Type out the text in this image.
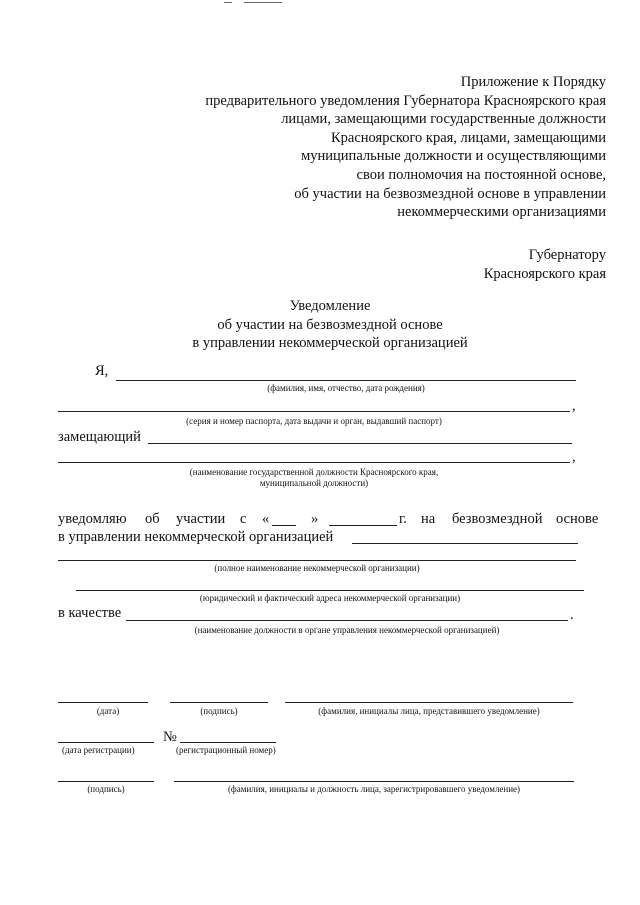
Приложение к Порядку
предварительного уведомления Губернатора Красноярского края
лицами, замещающими государственные должности
Красноярского края, лицами, замещающими
муниципальные должности и осуществляющими
свои полномочия на постоянной основе,
об участии на безвозмездной основе в управлении
некоммерческими организациями
Губернатору
Красноярского края
Уведомление
об участии на безвозмездной основе
в управлении некоммерческой организацией
Я,
(фамилия, имя, отчество, дата рождения)
,
(серия и номер паспорта, дата выдачи и орган, выдавший паспорт)
замещающий
,
(наименование государственной должности Красноярского края,
муниципальной должности)
уведомляю об участии с «	»	г. на безвозмездной основе
в управлении некоммерческой организацией
(полное наименование некоммерческой организации)
(юридический и фактический адреса некоммерческой организации)
в качестве	.
(наименование должности в органе управления некоммерческой организацией)
(дата)	(подпись)	(фамилия, инициалы лица, представившего уведомление)
№
(дата регистрации)	(регистрационный номер)
(подпись)	(фамилия, инициалы и должность лица, зарегистрировавшего уведомление)
